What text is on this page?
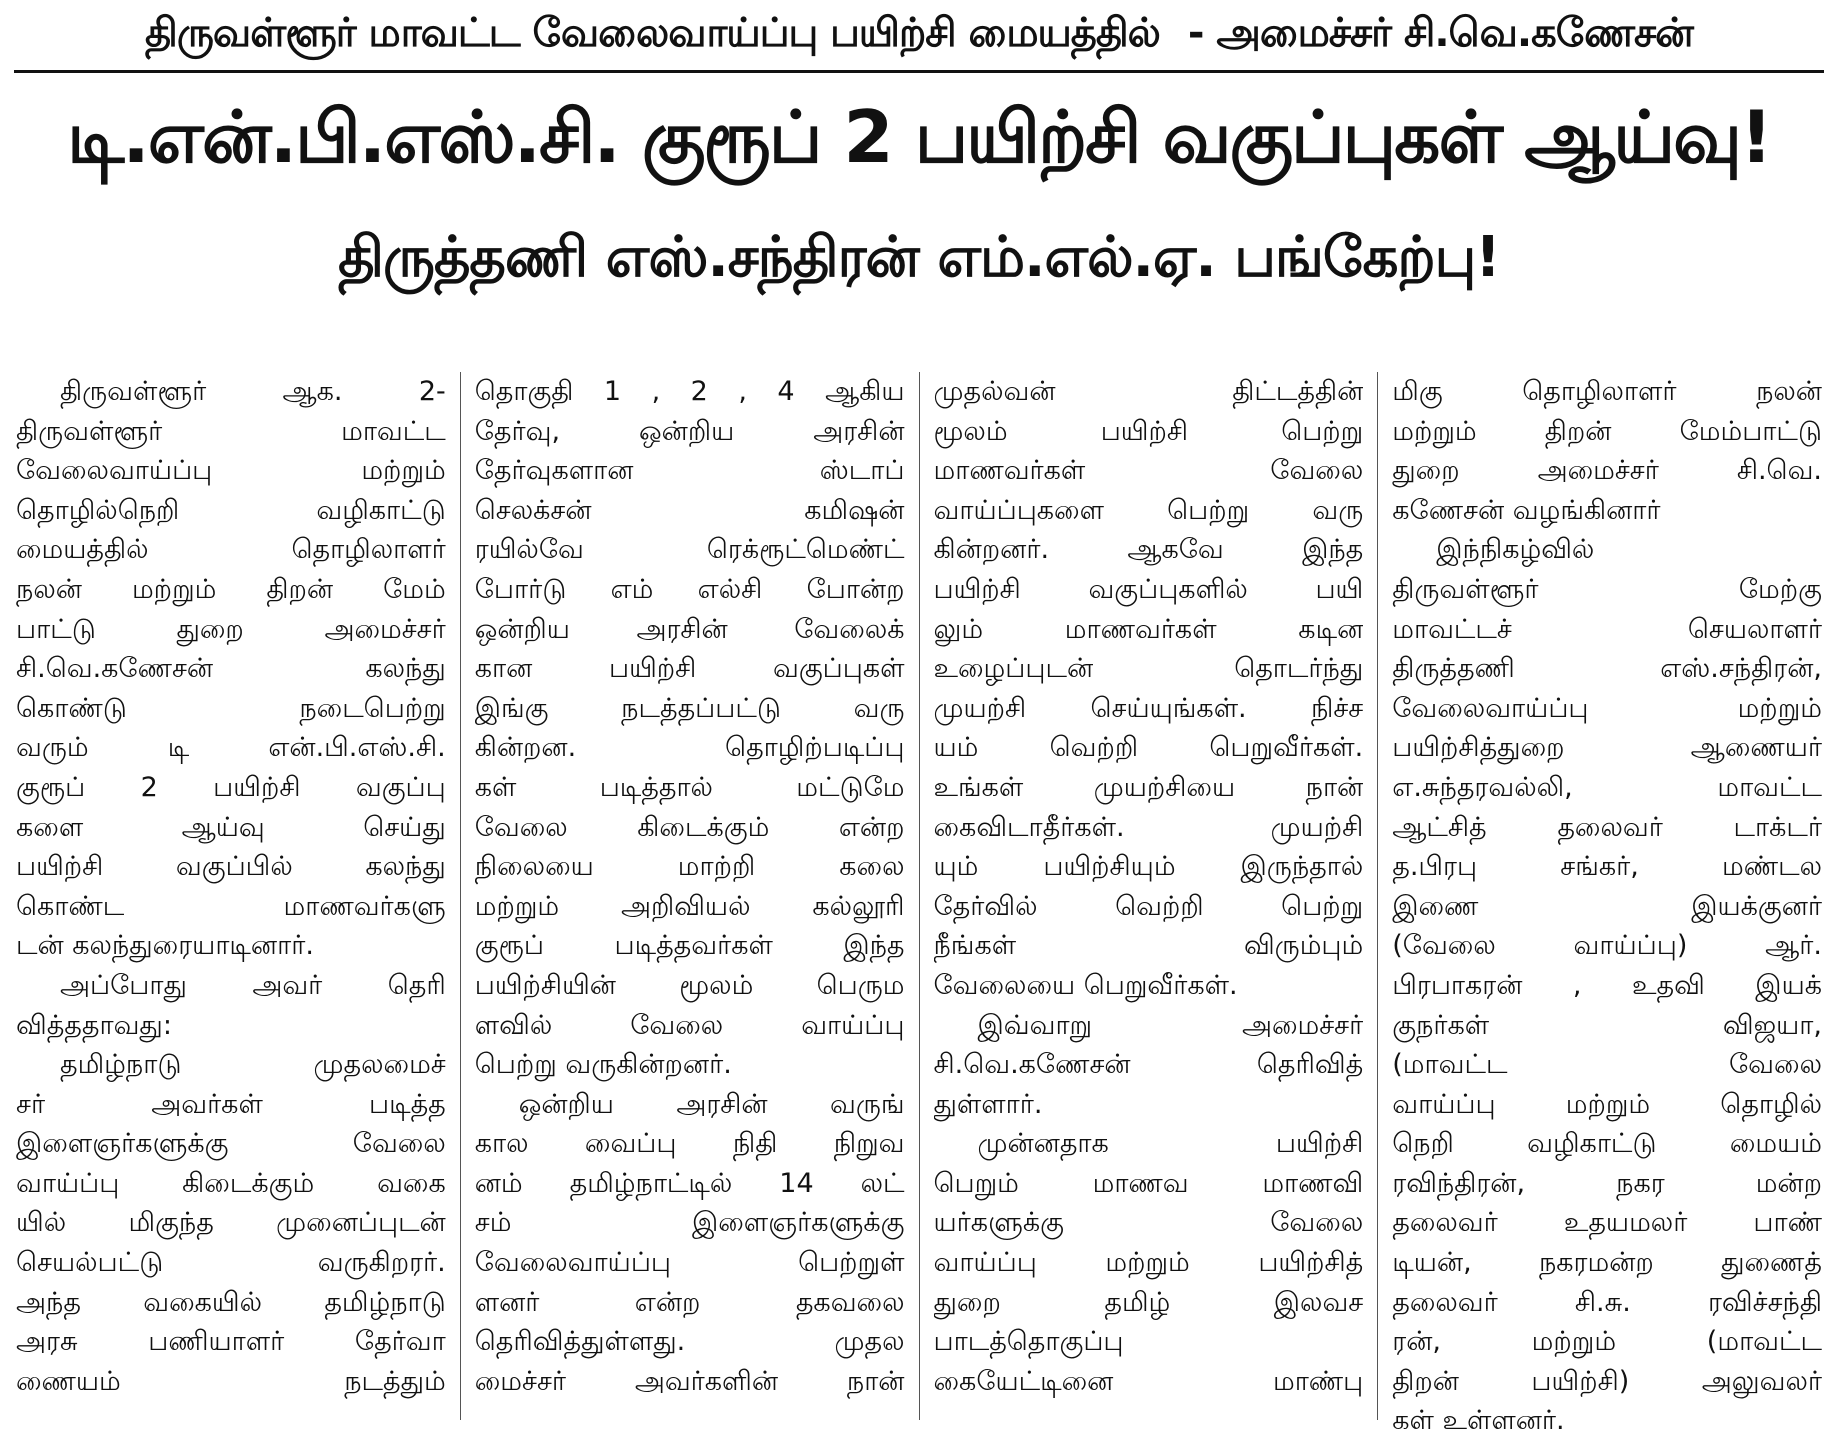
திருவள்ளூர் மாவட்ட வேலைவாய்ப்பு பயிற்சி மையத்தில் - அமைச்சர் சி.வெ.கணேசன்
டி.என்.பி.எஸ்.சி. குரூப் 2 பயிற்சி வகுப்புகள் ஆய்வு!
திருத்தணி எஸ்.சந்திரன் எம்.எல்.ஏ. பங்கேற்பு!
திருவள்ளூர் ஆக. 2-
திருவள்ளூர் மாவட்ட
வேலைவாய்ப்பு மற்றும்
தொழில்நெறி வழிகாட்டு
மையத்தில் தொழிலாளர்
நலன் மற்றும் திறன் மேம்
பாட்டு துறை அமைச்சர்
சி.வெ.கணேசன் கலந்து
கொண்டு நடைபெற்று
வரும் டி என்.பி.எஸ்.சி.
குரூப் 2 பயிற்சி வகுப்பு
களை ஆய்வு செய்து
பயிற்சி வகுப்பில் கலந்து
கொண்ட மாணவர்களு
டன் கலந்துரையாடினார்.
அப்போது அவர் தெரி
வித்ததாவது:
தமிழ்நாடு முதலமைச்
சர் அவர்கள் படித்த
இளைஞர்களுக்கு வேலை
வாய்ப்பு கிடைக்கும் வகை
யில் மிகுந்த முனைப்புடன்
செயல்பட்டு வருகிறரர்.
அந்த வகையில் தமிழ்நாடு
அரசு பணியாளர் தேர்வா
ணையம் நடத்தும்
தொகுதி 1 , 2 , 4 ஆகிய
தேர்வு, ஒன்றிய அரசின்
தேர்வுகளான ஸ்டாப்
செலக்சன் கமிஷன்
ரயில்வே ரெக்ரூட்மெண்ட்
போர்டு எம் எல்சி போன்ற
ஒன்றிய அரசின் வேலைக்
கான பயிற்சி வகுப்புகள்
இங்கு நடத்தப்பட்டு வரு
கின்றன. தொழிற்படிப்பு
கள் படித்தால் மட்டுமே
வேலை கிடைக்கும் என்ற
நிலையை மாற்றி கலை
மற்றும் அறிவியல் கல்லூரி
குரூப் படித்தவர்கள் இந்த
பயிற்சியின் மூலம் பெரும
ளவில் வேலை வாய்ப்பு
பெற்று வருகின்றனர்.
ஒன்றிய அரசின் வருங்
கால வைப்பு நிதி நிறுவ
னம் தமிழ்நாட்டில் 14 லட்
சம் இளைஞர்களுக்கு
வேலைவாய்ப்பு பெற்றுள்
ளனர் என்ற தகவலை
தெரிவித்துள்ளது. முதல
மைச்சர் அவர்களின் நான்
முதல்வன் திட்டத்தின்
மூலம் பயிற்சி பெற்று
மாணவர்கள் வேலை
வாய்ப்புகளை பெற்று வரு
கின்றனர். ஆகவே இந்த
பயிற்சி வகுப்புகளில் பயி
லும் மாணவர்கள் கடின
உழைப்புடன் தொடர்ந்து
முயற்சி செய்யுங்கள். நிச்ச
யம் வெற்றி பெறுவீர்கள்.
உங்கள் முயற்சியை நான்
கைவிடாதீர்கள். முயற்சி
யும் பயிற்சியும் இருந்தால்
தேர்வில் வெற்றி பெற்று
நீங்கள் விரும்பும்
வேலையை பெறுவீர்கள்.
இவ்வாறு அமைச்சர்
சி.வெ.கணேசன் தெரிவித்
துள்ளார்.
முன்னதாக பயிற்சி
பெறும் மாணவ மாணவி
யர்களுக்கு வேலை
வாய்ப்பு மற்றும் பயிற்சித்
துறை தமிழ் இலவச
பாடத்தொகுப்பு
கையேட்டினை மாண்பு
மிகு தொழிலாளர் நலன்
மற்றும் திறன் மேம்பாட்டு
துறை அமைச்சர் சி.வெ.
கணேசன் வழங்கினார்
இந்நிகழ்வில்
திருவள்ளூர் மேற்கு
மாவட்டச் செயலாளர்
திருத்தணி எஸ்.சந்திரன்,
வேலைவாய்ப்பு மற்றும்
பயிற்சித்துறை ஆணையர்
எ.சுந்தரவல்லி, மாவட்ட
ஆட்சித் தலைவர் டாக்டர்
த.பிரபு சங்கர், மண்டல
இணை இயக்குனர்
(வேலை வாய்ப்பு) ஆர்.
பிரபாகரன் , உதவி இயக்
குநர்கள் விஜயா,
(மாவட்ட வேலை
வாய்ப்பு மற்றும் தொழில்
நெறி வழிகாட்டு மையம்
ரவிந்திரன், நகர மன்ற
தலைவர் உதயமலர் பாண்
டியன், நகரமன்ற துணைத்
தலைவர் சி.சு. ரவிச்சந்தி
ரன், மற்றும் (மாவட்ட
திறன் பயிற்சி) அலுவலர்
கள் உள்ளனர்.
